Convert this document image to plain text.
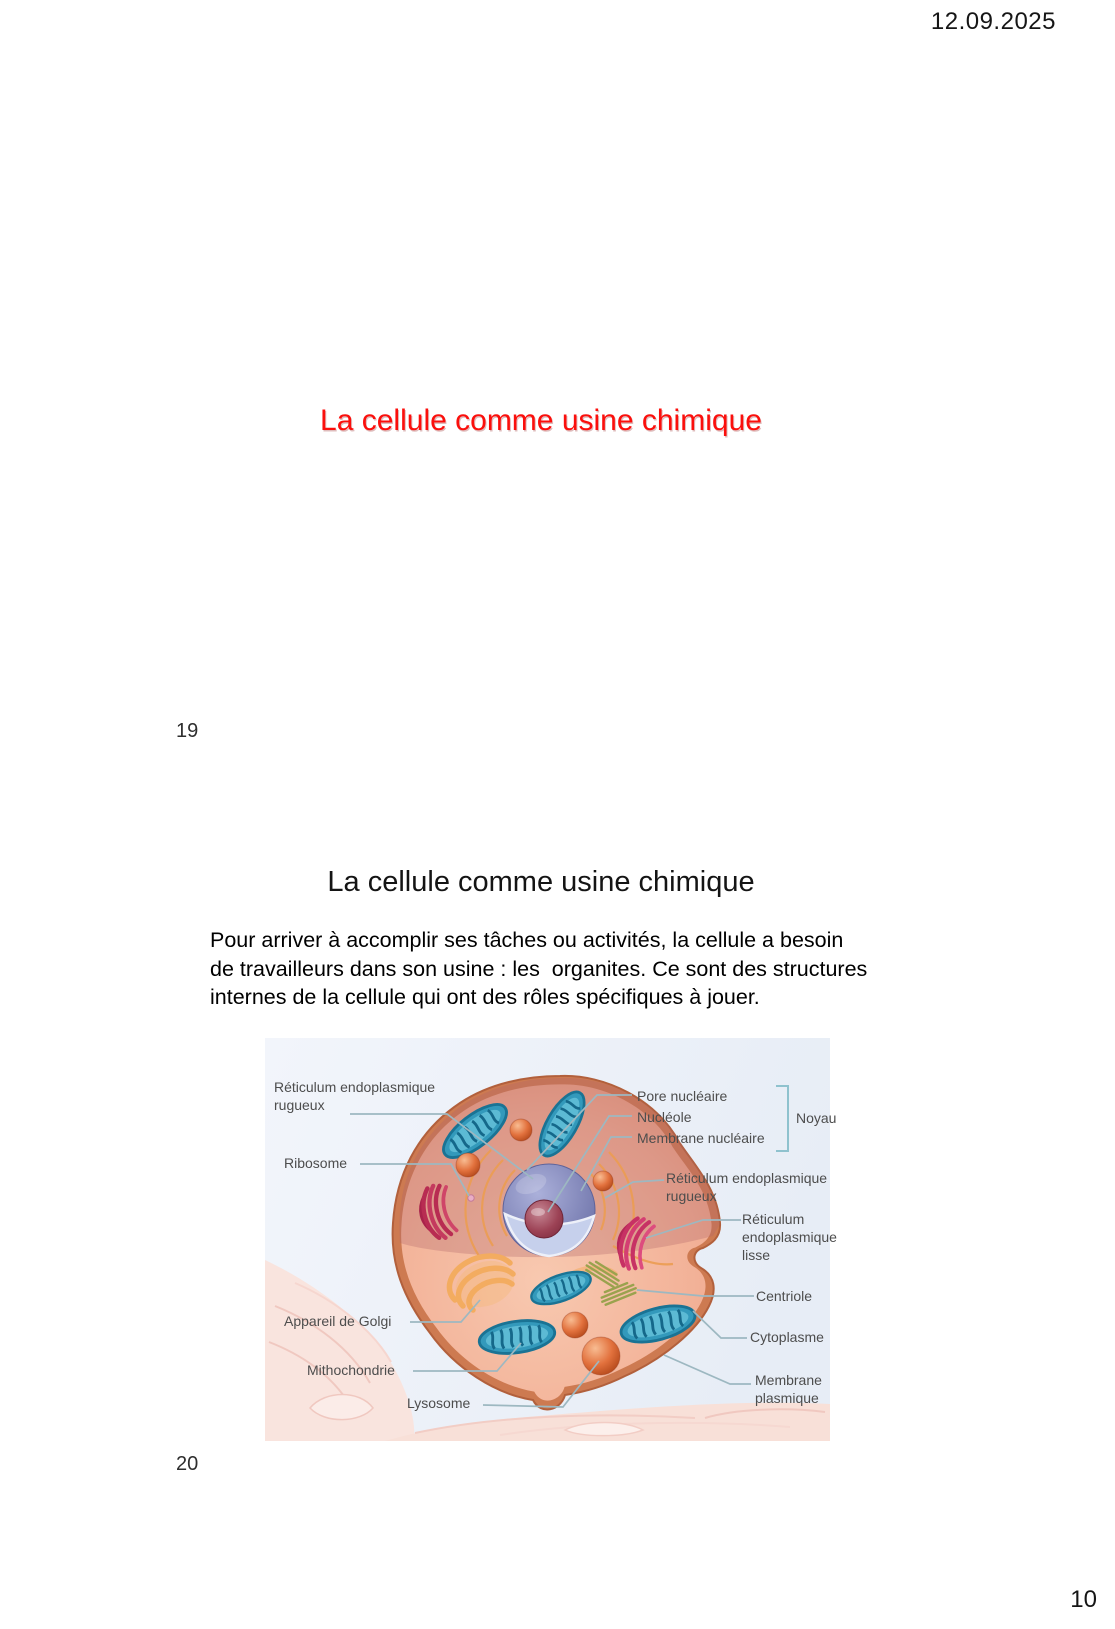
12.09.2025
La cellule comme usine chimique
19
La cellule comme usine chimique
Pour arriver à accomplir ses tâches ou activités, la cellule a besoin
de travailleurs dans son usine : les  organites. Ce sont des structures
internes de la cellule qui ont des rôles spécifiques à jouer.
Réticulum endoplasmique rugueux
Ribosome
Appareil de Golgi
Mithochondrie
Lysosome
Pore nucléaire
Nucléole
Membrane nucléaire
Noyau
Réticulum endoplasmique rugueux
Réticulum endoplasmique lisse
Centriole
Cytoplasme
Membrane plasmique
20
10
